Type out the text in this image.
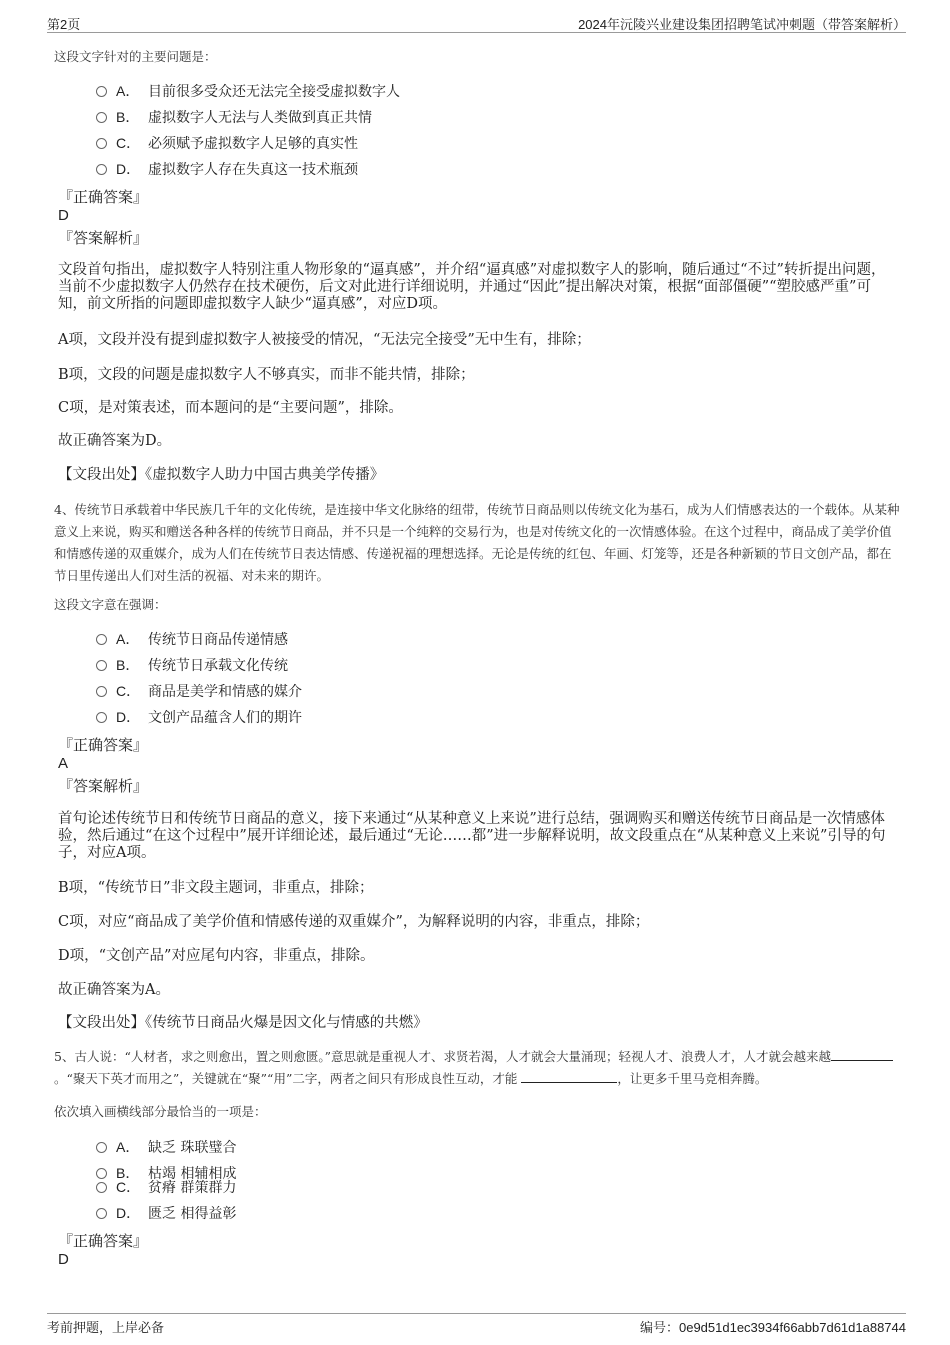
第2页	2024年沅陵兴业建设集团招聘笔试冲刺题（带答案解析）
这段文字针对的主要问题是：
A． 目前很多受众还无法完全接受虚拟数字人
B． 虚拟数字人无法与人类做到真正共情
C． 必须赋予虚拟数字人足够的真实性
D． 虚拟数字人存在失真这一技术瓶颈
『正确答案』
D
『答案解析』
文段首句指出，虚拟数字人特别注重人物形象的“逼真感”，并介绍“逼真感”对虚拟数字人的影响，随后通过“不过”转折提出问题，当前不少虚拟数字人仍然存在技术硬伤，后文对此进行详细说明，并通过“因此”提出解决对策，根据“面部僵硬”“塑胶感严重”可知，前文所指的问题即虚拟数字人缺少“逼真感”，对应D项。
A项，文段并没有提到虚拟数字人被接受的情况，“无法完全接受”无中生有，排除；
B项，文段的问题是虚拟数字人不够真实，而非不能共情，排除；
C项，是对策表述，而本题问的是“主要问题”，排除。
故正确答案为D。
【文段出处】《虚拟数字人助力中国古典美学传播》
4、传统节日承载着中华民族几千年的文化传统，是连接中华文化脉络的纽带，传统节日商品则以传统文化为基石，成为人们情感表达的一个载体。从某种意义上来说，购买和赠送各种各样的传统节日商品，并不只是一个纯粹的交易行为，也是对传统文化的一次情感体验。在这个过程中，商品成了美学价值和情感传递的双重媒介，成为人们在传统节日表达情感、传递祝福的理想选择。无论是传统的红包、年画、灯笼等，还是各种新颖的节日文创产品，都在节日里传递出人们对生活的祝福、对未来的期许。
这段文字意在强调：
A． 传统节日商品传递情感
B． 传统节日承载文化传统
C． 商品是美学和情感的媒介
D． 文创产品蕴含人们的期许
『正确答案』
A
『答案解析』
首句论述传统节日和传统节日商品的意义，接下来通过“从某种意义上来说”进行总结，强调购买和赠送传统节日商品是一次情感体验，然后通过“在这个过程中”展开详细论述，最后通过“无论……都”进一步解释说明，故文段重点在“从某种意义上来说”引导的句子，对应A项。
B项，“传统节日”非文段主题词，非重点，排除；
C项，对应“商品成了美学价值和情感传递的双重媒介”，为解释说明的内容，非重点，排除；
D项，“文创产品”对应尾句内容，非重点，排除。
故正确答案为A。
【文段出处】《传统节日商品火爆是因文化与情感的共燃》
5、古人说：“人材者，求之则愈出，置之则愈匮。”意思就是重视人才、求贤若渴，人才就会大量涌现；轻视人才、浪费人才，人才就会越来越。“聚天下英才而用之”，关键就在“聚”“用”二字，两者之间只有形成良性互动，才能	，让更多千里马竞相奔腾。
依次填入画横线部分最恰当的一项是：
A． 缺乏 珠联璧合
B． 枯竭 相辅相成
C． 贫瘠 群策群力
D． 匮乏 相得益彰
『正确答案』
D
考前押题，上岸必备	编号：0e9d51d1ec3934f66abb7d61d1a88744
